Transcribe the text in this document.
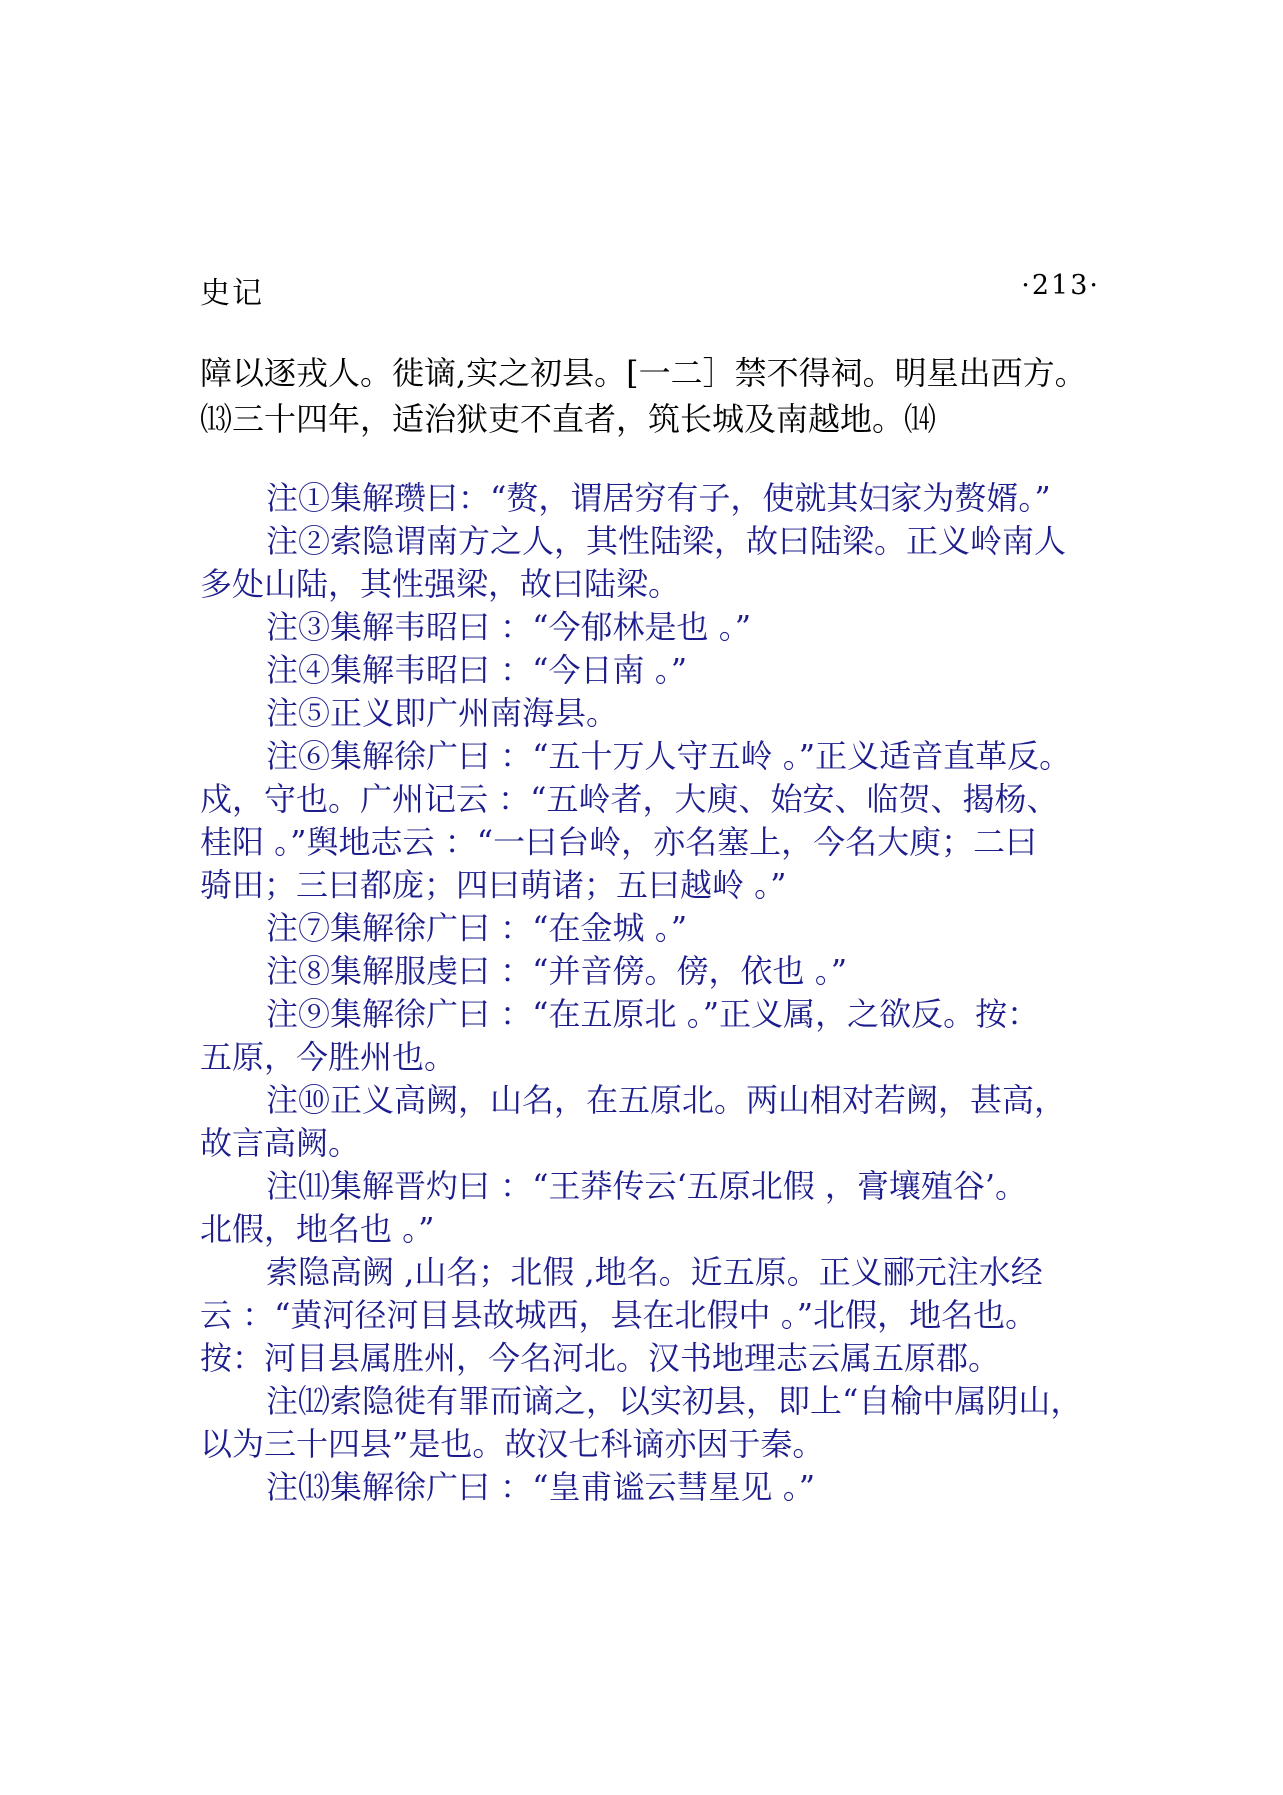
史记	·213·
障以逐戎人。徙谪,实之初县。[一二］禁不得祠。明星出西方。
⒀三十四年，适治狱吏不直者，筑长城及南越地。⒁
注①集解瓒曰：“赘，谓居穷有子，使就其妇家为赘婿。”
注②索隐谓南方之人，其性陆梁，故曰陆梁。正义岭南人
多处山陆，其性强梁，故曰陆梁。
注③集解韦昭曰 ：“今郁林是也 。”
注④集解韦昭曰 ：“今日南 。”
注⑤正义即广州南海县。
注⑥集解徐广曰 ：“五十万人守五岭 。”正义适音直革反。
戍，守也。广州记云 ：“五岭者，大庾、始安、临贺、揭杨、
桂阳 。”舆地志云 ：“一曰台岭，亦名塞上，今名大庾；二曰
骑田；三曰都庞；四曰萌诸；五曰越岭 。”
注⑦集解徐广曰 ：“在金城 。”
注⑧集解服虔曰 ：“并音傍。傍，依也 。”
注⑨集解徐广曰 ：“在五原北 。”正义属，之欲反。按：
五原，今胜州也。
注⑩正义高阙，山名，在五原北。两山相对若阙，甚高，
故言高阙。
注⑾集解晋灼曰 ：“王莽传云‘五原北假 ，膏壤殖谷’。
北假，地名也 。”
索隐高阙 ,山名；北假 ,地名。近五原。正义郦元注水经
云 ：“黄河径河目县故城西，县在北假中 。”北假，地名也。
按：河目县属胜州，今名河北。汉书地理志云属五原郡。
注⑿索隐徙有罪而谪之，以实初县，即上“自榆中属阴山，
以为三十四县”是也。故汉七科谪亦因于秦。
注⒀集解徐广曰 ：“皇甫谧云彗星见 。”
